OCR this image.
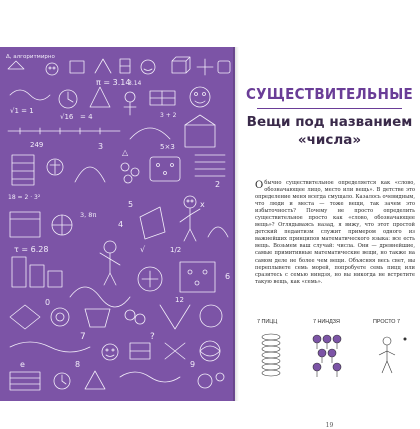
Δ, алгоритмирно
√1 = 1
√16 = 4	3 + 2
18 = 2 · 3²
π = 3.14
3.14
5×3
249
τ = 6.28
3, 8π
5
1/2
x
7	?
0
√
e
2
△
8	9
4
12
3
6
СУЩЕСТВИТЕЛЬНЫЕ
Вещи под названием
«числа»

Обычно существительное определяется как «слово, обозначающее лицо, место или вещь». В детстве это определение меня всегда смущало. Казалось очевидным, что люди и места — тоже вещи, так зачем это избыточность? Почему не просто определить существительное просто как «слово, обозначающее вещь»? Оглядываясь назад, я вижу, что этот простой детский педантизм служит примером одного из важнейших принципов математического языка: все есть вещь. Возьмем ваш случай: числа. Они — древнейшие, самые примитивные математические вещи, но также на самом деле не более чем вещи. Объясняя весь свет, вы переплывете семь морей, попробуете семь пицц или сразитесь с семью ниндзя, но вы никогда не встретите такую вещь, как «семь».

7 ПИЦЦ	7 НИНДЗЯ	ПРОСТО 7
19
